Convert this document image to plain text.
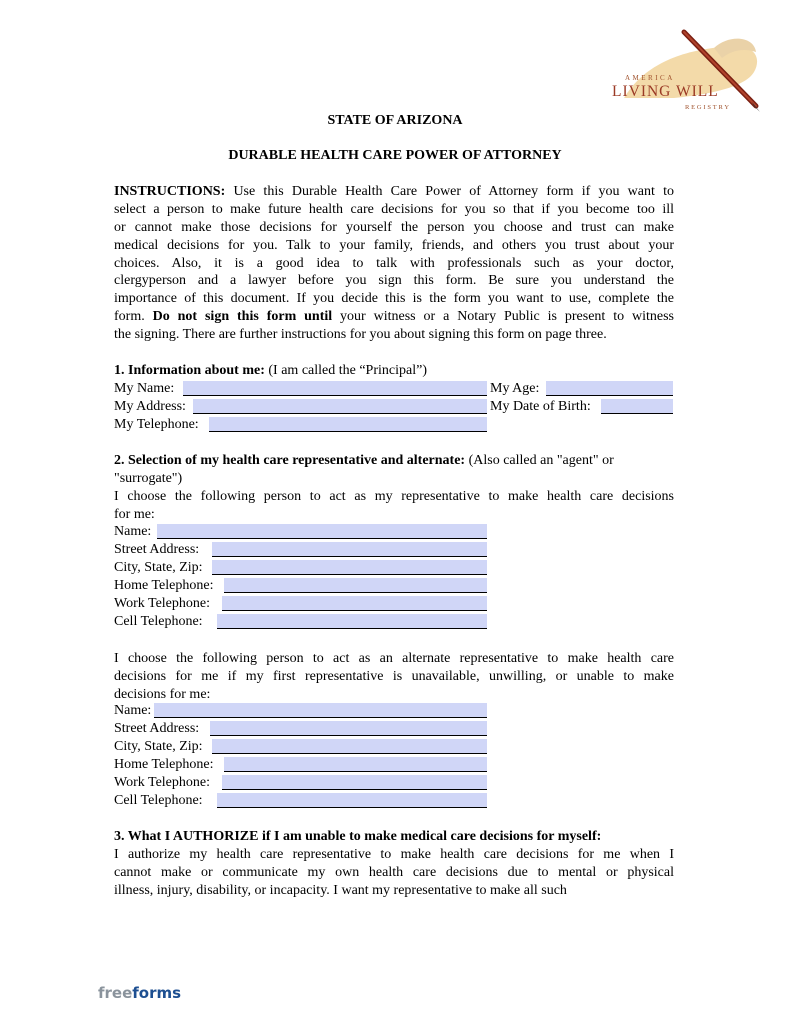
AMERICA
LIVING WILL
REGISTRY
STATE OF ARIZONA
DURABLE HEALTH CARE POWER OF ATTORNEY
INSTRUCTIONS: Use this Durable Health Care Power of Attorney form if you want to
select a person to make future health care decisions for you so that if you become too ill
or cannot make those decisions for yourself the person you choose and trust can make
medical decisions for you. Talk to your family, friends, and others you trust about your
choices. Also, it is a good idea to talk with professionals such as your doctor,
clergyperson and a lawyer before you sign this form. Be sure you understand the
importance of this document. If you decide this is the form you want to use, complete the
form. Do not sign this form until your witness or a Notary Public is present to witness
the signing. There are further instructions for you about signing this form on page three.
1. Information about me: (I am called the “Principal”)
My Name:	My Age:
My Address:	My Date of Birth:
My Telephone:
2. Selection of my health care representative and alternate: (Also called an "agent" or
"surrogate")
I choose the following person to act as my representative to make health care decisions
for me:
Name:
Street Address:
City, State, Zip:
Home Telephone:
Work Telephone:
Cell Telephone:
I choose the following person to act as an alternate representative to make health care
decisions for me if my first representative is unavailable, unwilling, or unable to make
decisions for me:
Name:
Street Address:
City, State, Zip:
Home Telephone:
Work Telephone:
Cell Telephone:
3. What I AUTHORIZE if I am unable to make medical care decisions for myself:
I authorize my health care representative to make health care decisions for me when I
cannot make or communicate my own health care decisions due to mental or physical
illness, injury, disability, or incapacity. I want my representative to make all such
freeforms
